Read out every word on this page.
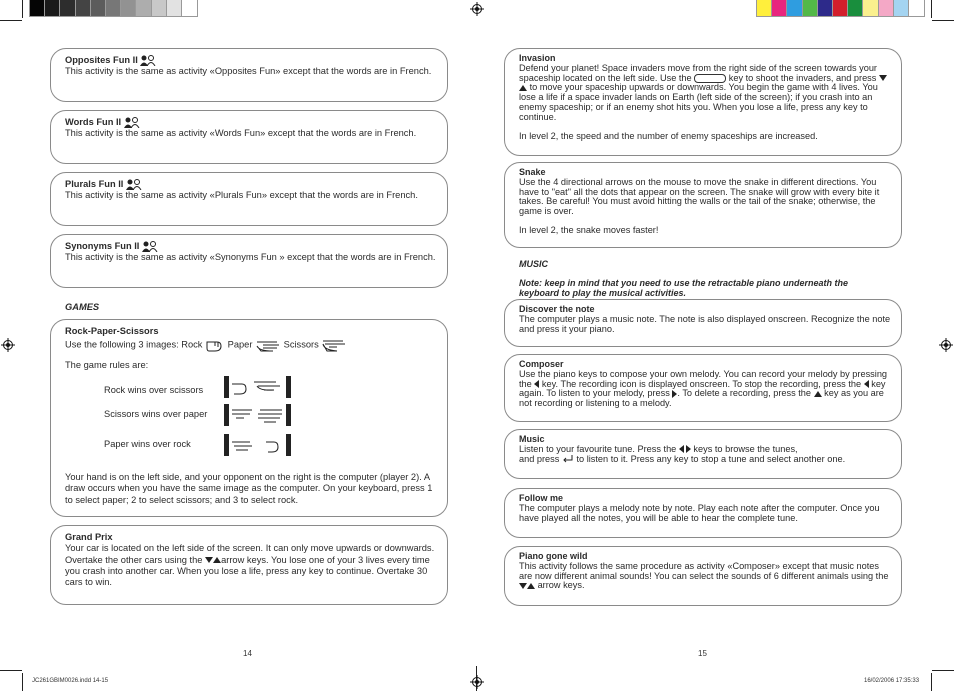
Opposites Fun II

This activity is the same as activity «Opposites Fun» except that the words are in French.

Words Fun II

This activity is the same as activity «Words Fun» except that the words are in French.

Plurals Fun II

This activity is the same as activity «Plurals Fun» except that the words are in French.

Synonyms Fun II

This activity is the same as activity «Synonyms Fun » except that the words are in French.

GAMES

Rock-Paper-Scissors

Use the following 3 images: Rock	Paper	Scissors

The game rules are:

Rock wins over scissors
Scissors wins over paper
Paper wins over rock

Your hand is on the left side, and your opponent on the right is the computer (player 2). A draw occurs when you have the same image as the computer. On your keyboard, press 1 to select paper; 2 to select scissors; and 3 to select rock.

Grand Prix

Your car is located on the left side of the screen. It can only move upwards or downwards. Overtake the other cars using the arrow keys. You lose one of your 3 lives every time you crash into another car. When you lose a life, press any key to continue. Overtake 30 cars to win.

14

Invasion

Defend your planet! Space invaders move from the right side of the screen towards your spaceship located on the left side. Use the	key to shoot the invaders, and press  to move your spaceship upwards or downwards. You begin the game with 4 lives. You lose a life if a space invader lands on Earth (left side of the screen); if you crash into an enemy spaceship; or if an enemy shot hits you. When you lose a life, press any key to continue.

In level 2, the speed and the number of enemy spaceships are increased.

Snake

Use the 4 directional arrows on the mouse to move the snake in different directions. You have to "eat" all the dots that appear on the screen. The snake will grow with every bite it takes. Be careful! You must avoid hitting the walls or the tail of the snake; otherwise, the game is over.

In level 2, the snake moves faster!

MUSIC
Note: keep in mind that you need to use the retractable piano underneath the keyboard to play the musical activities.

Discover the note

The computer plays a music note. The note is also displayed onscreen. Recognize the note and press it your piano.

Composer

Use the piano keys to compose your own melody. You can record your melody by pressing the key. The recording icon is displayed onscreen. To stop the recording, press the key again. To listen to your melody, press . To delete a recording, press the key as you are not recording or listening to a melody.

Music

Listen to your favourite tune. Press the keys to browse the tunes,
and press to listen to it. Press any key to stop a tune and select another one.

Follow me

The computer plays a melody note by note. Play each note after the computer. Once you have played all the notes, you will be able to hear the complete tune.

Piano gone wild

This activity follows the same procedure as activity «Composer» except that music notes are now different animal sounds! You can select the sounds of 6 different animals using the arrow keys.

15
JC261GBIM0026.indd 14-15	16/02/2006 17:35:33
